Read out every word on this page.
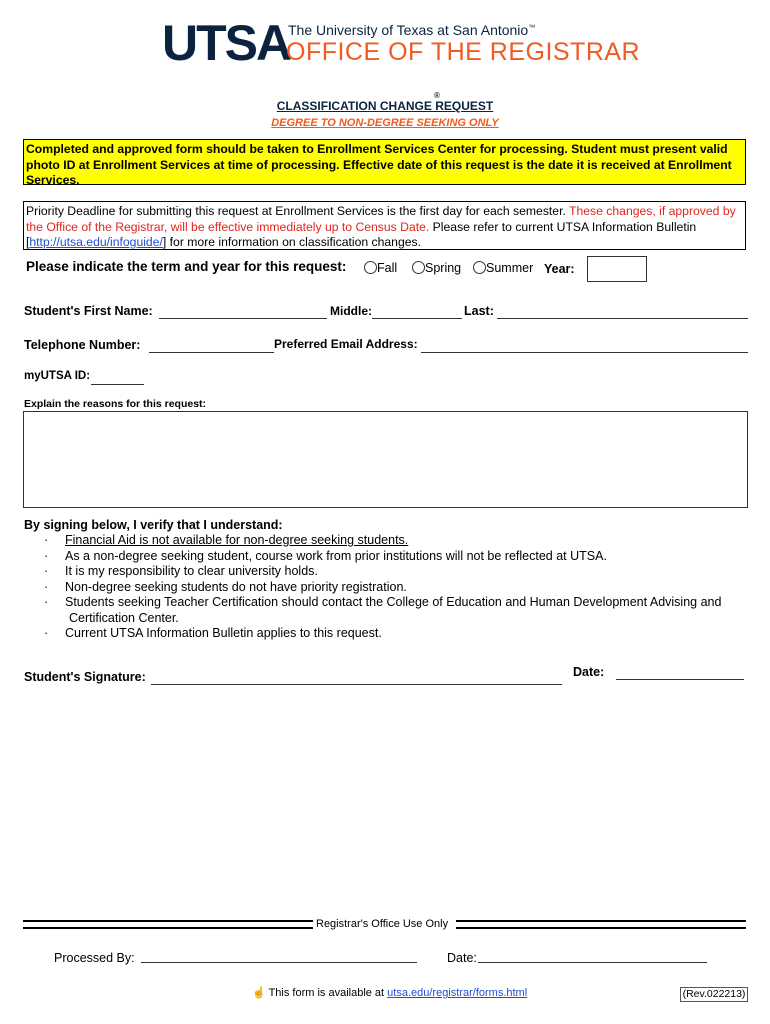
UTSA
®
The University of Texas at San Antonio™
OFFICE OF THE REGISTRAR
CLASSIFICATION CHANGE REQUEST
DEGREE TO NON-DEGREE SEEKING ONLY
Completed and approved form should be taken to Enrollment Services Center for processing. Student must present valid photo ID at Enrollment Services at time of processing. Effective date of this request is the date it is received at Enrollment Services.
Priority Deadline for submitting this request at Enrollment Services is the first day for each semester. These changes, if approved by the Office of the Registrar, will be effective immediately up to Census Date. Please refer to current UTSA Information Bulletin [http://utsa.edu/infoguide/] for more information on classification changes.
Please indicate the term and year for this request:	Fall	Spring	Summer Year:
Student's First Name:	Middle:	Last:
Telephone Number:	Preferred Email Address:
myUTSA ID:
Explain the reasons for this request:
By signing below, I verify that I understand:
· Financial Aid is not available for non-degree seeking students.
· As a non-degree seeking student, course work from prior institutions will not be reflected at UTSA.
· It is my responsibility to clear university holds.
· Non-degree seeking students do not have priority registration.
· Students seeking Teacher Certification should contact the College of Education and Human Development Advising and
Certification Center.
· Current UTSA Information Bulletin applies to this request.
Student's Signature:	Date:
Registrar's Office Use Only
Processed By:	Date:
☝ This form is available at utsa.edu/registrar/forms.html	(Rev.022213)
